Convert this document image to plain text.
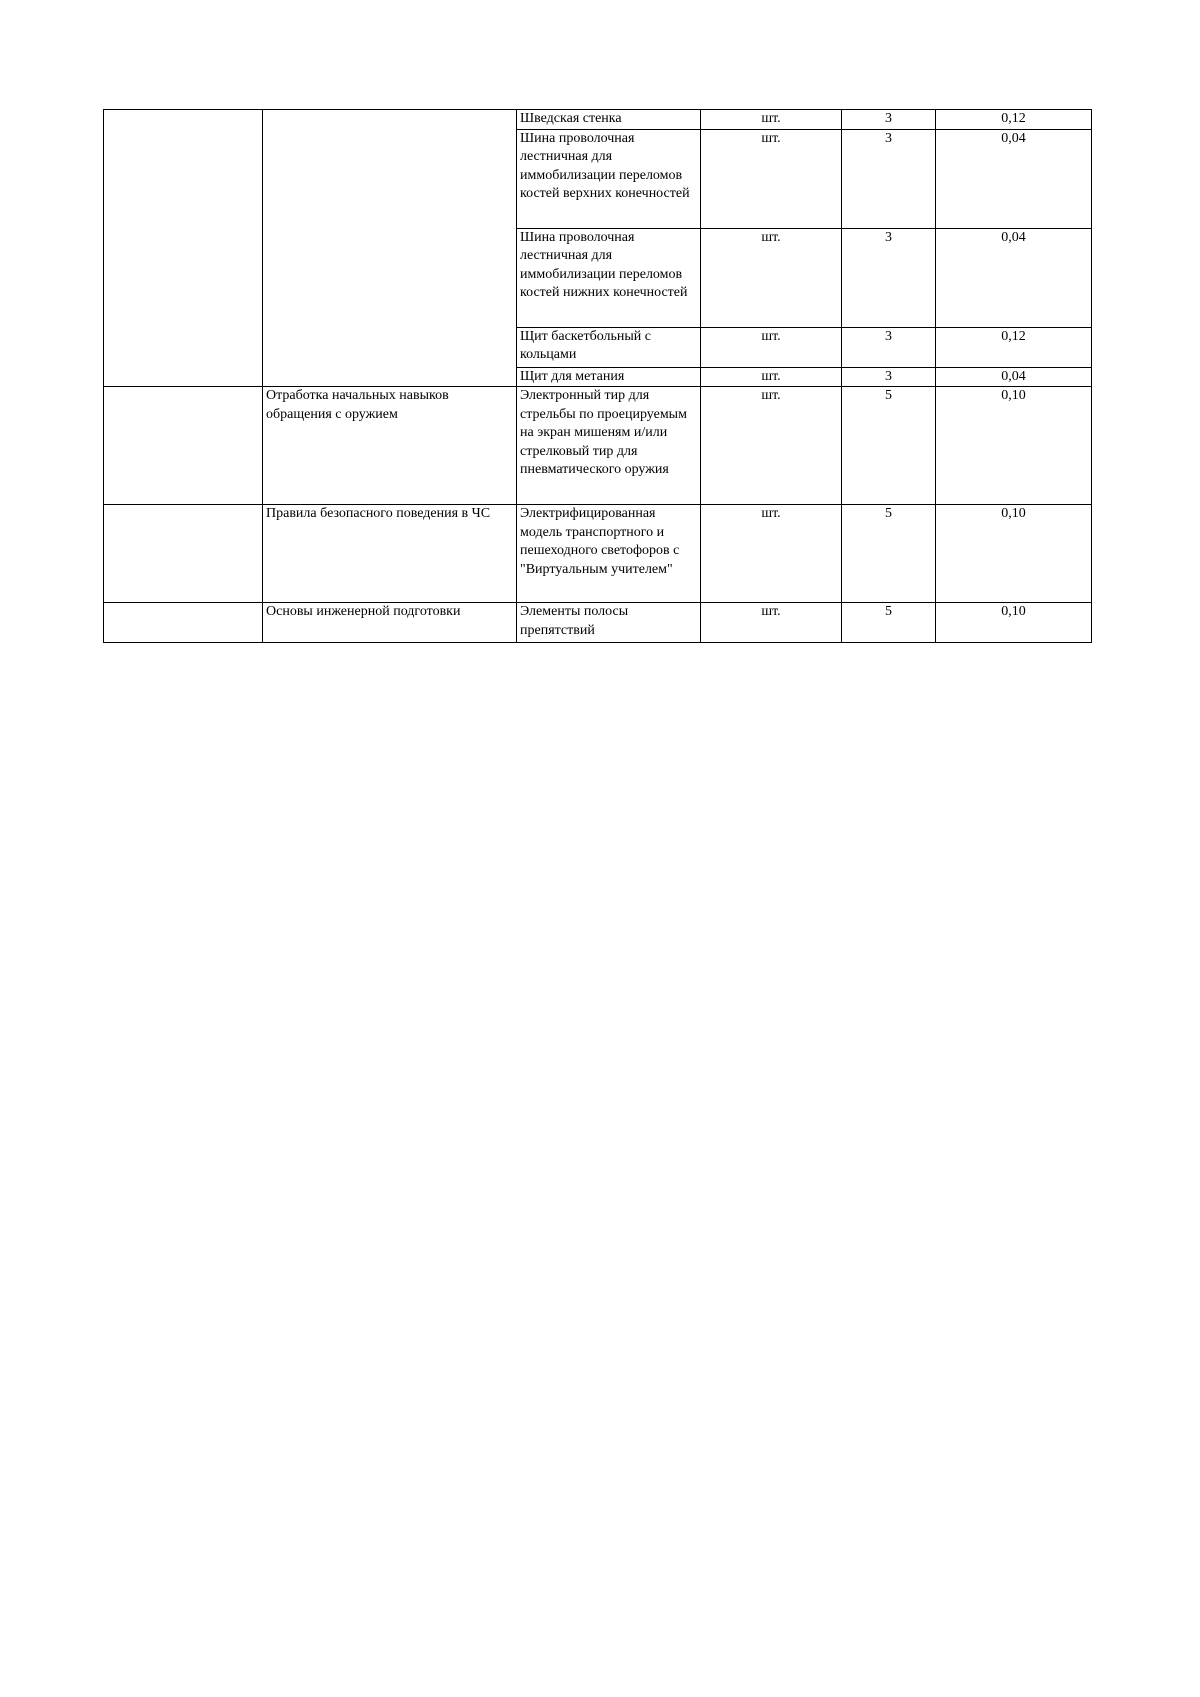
		Шведская стенка	шт.	3	0,12
		Шина проволочная лестничная для иммобилизации переломов костей верхних конечностей	шт.	3	0,04
		Шина проволочная лестничная для иммобилизации переломов костей нижних конечностей	шт.	3	0,04
		Щит баскетбольный с кольцами	шт.	3	0,12
		Щит для метания	шт.	3	0,04
	Отработка начальных навыков обращения с оружием	Электронный тир для стрельбы по проецируемым на экран мишеням и/или стрелковый тир для пневматического оружия	шт.	5	0,10
	Правила безопасного поведения в ЧС	Электрифицированная модель транспортного и пешеходного светофоров с "Виртуальным учителем"	шт.	5	0,10
	Основы инженерной подготовки	Элементы полосы препятствий	шт.	5	0,10
